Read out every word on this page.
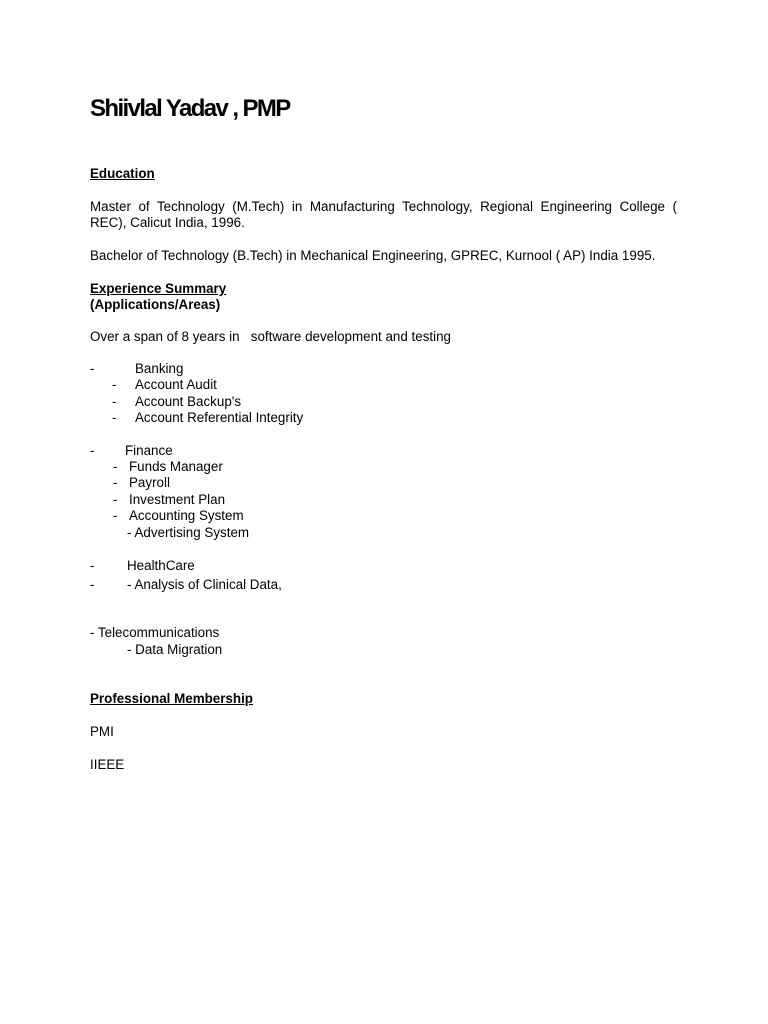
Shiivlal Yadav , PMP
Education
Master of Technology (M.Tech) in Manufacturing Technology, Regional Engineering College ( REC), Calicut India, 1996.
Bachelor of Technology (B.Tech) in Mechanical Engineering, GPREC, Kurnool ( AP) India 1995.
Experience Summary
(Applications/Areas)
Over a span of 8 years in   software development and testing
-	Banking
- Account Audit
- Account Backup's
- Account Referential Integrity
- Finance
- Funds Manager
- Payroll
- Investment Plan
- Accounting System
- Advertising System
- HealthCare
- - Analysis of Clinical Data,
- Telecommunications
- Data Migration
Professional Membership
PMI
IIEEE
